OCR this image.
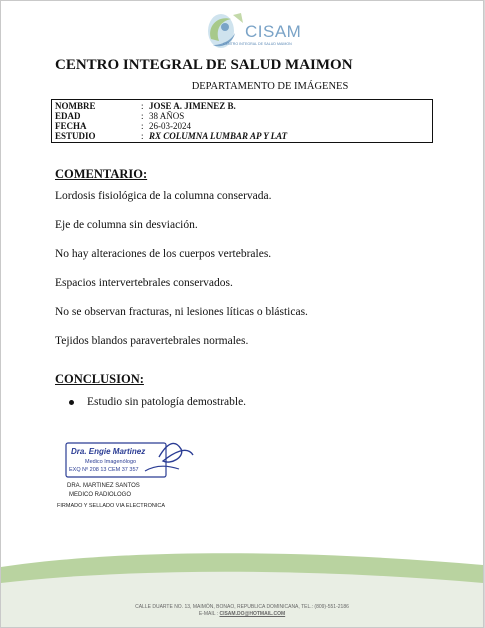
CISAM
CENTRO INTEGRAL DE SALUD MAIMON
CENTRO INTEGRAL DE SALUD MAIMON
DEPARTAMENTO DE IMÁGENES
NOMBRE	: JOSE A. JIMENEZ B.
EDAD	: 38 AÑOS
FECHA	: 26-03-2024
ESTUDIO	: RX COLUMNA LUMBAR AP Y LAT
COMENTARIO:
Lordosis fisiológica de la columna conservada.
Eje de columna sin desviación.
No hay alteraciones de los cuerpos vertebrales.
Espacios intervertebrales conservados.
No se observan fracturas, ni lesiones líticas o blásticas.
Tejidos blandos paravertebrales normales.
CONCLUSION:
Estudio sin patología demostrable.
Dra. Engie Martinez
Medico Imagenólogo
EXQ Nº 208 13 CEM 37 357
DRA. MARTINEZ SANTOS
MEDICO RADIOLOGO
FIRMADO Y SELLADO VIA ELECTRONICA
CALLE DUARTE NO. 13, MAIMÓN, BONAO, REPUBLICA DOMINICANA, TEL.: (809)-551-2186
E-MAIL : CISAM.DO@HOTMAIL.COM
